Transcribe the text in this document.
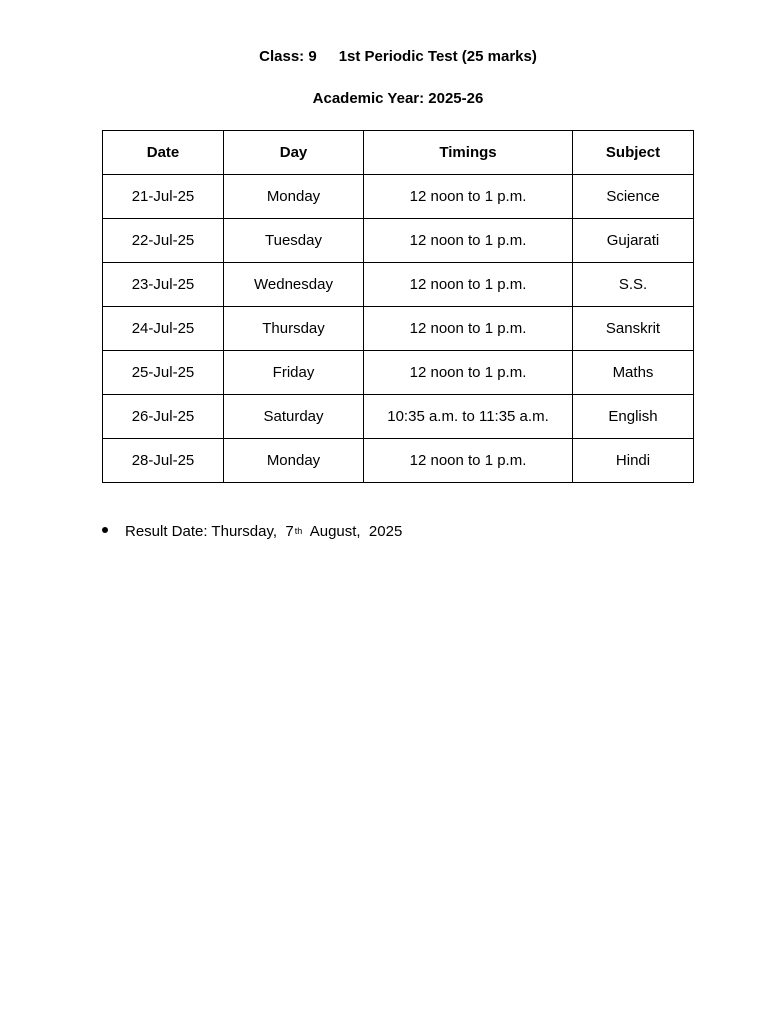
Class: 9 1st Periodic Test (25 marks)
Academic Year: 2025-26
Date	Day	Timings	Subject
21-Jul-25	Monday	12 noon to 1 p.m.	Science
22-Jul-25	Tuesday	12 noon to 1 p.m.	Gujarati
23-Jul-25	Wednesday	12 noon to 1 p.m.	S.S.
24-Jul-25	Thursday	12 noon to 1 p.m.	Sanskrit
25-Jul-25	Friday	12 noon to 1 p.m.	Maths
26-Jul-25	Saturday	10:35 a.m. to 11:35 a.m.	English
28-Jul-25	Monday	12 noon to 1 p.m.	Hindi
Result Date: Thursday,  7th August,  2025
